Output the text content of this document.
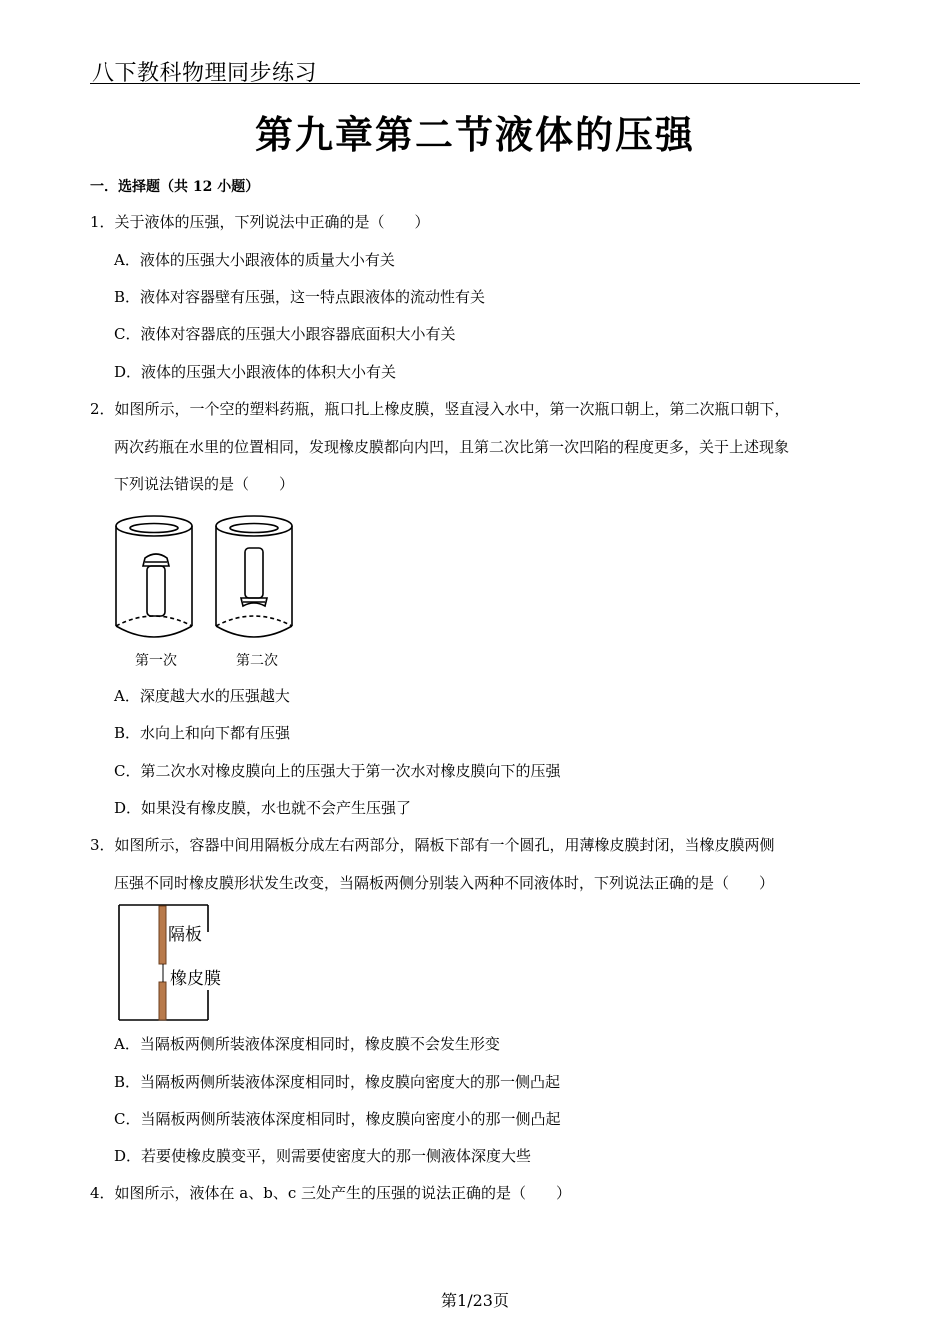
八下教科物理同步练习
第九章第二节液体的压强
一．选择题（共 12 小题）
1．关于液体的压强，下列说法中正确的是（　　）
A．液体的压强大小跟液体的质量大小有关
B．液体对容器壁有压强，这一特点跟液体的流动性有关
C．液体对容器底的压强大小跟容器底面积大小有关
D．液体的压强大小跟液体的体积大小有关
2．如图所示，一个空的塑料药瓶，瓶口扎上橡皮膜，竖直浸入水中，第一次瓶口朝上，第二次瓶口朝下，
两次药瓶在水里的位置相同，发现橡皮膜都向内凹，且第二次比第一次凹陷的程度更多，关于上述现象
下列说法错误的是（　　）
第一次	第二次
A．深度越大水的压强越大
B．水向上和向下都有压强
C．第二次水对橡皮膜向上的压强大于第一次水对橡皮膜向下的压强
D．如果没有橡皮膜，水也就不会产生压强了
3．如图所示，容器中间用隔板分成左右两部分，隔板下部有一个圆孔，用薄橡皮膜封闭，当橡皮膜两侧
压强不同时橡皮膜形状发生改变，当隔板两侧分别装入两种不同液体时，下列说法正确的是（　　）
隔板
橡皮膜
A．当隔板两侧所装液体深度相同时，橡皮膜不会发生形变
B．当隔板两侧所装液体深度相同时，橡皮膜向密度大的那一侧凸起
C．当隔板两侧所装液体深度相同时，橡皮膜向密度小的那一侧凸起
D．若要使橡皮膜变平，则需要使密度大的那一侧液体深度大些
4．如图所示，液体在 a、b、c 三处产生的压强的说法正确的是（　　）
第1/23页
